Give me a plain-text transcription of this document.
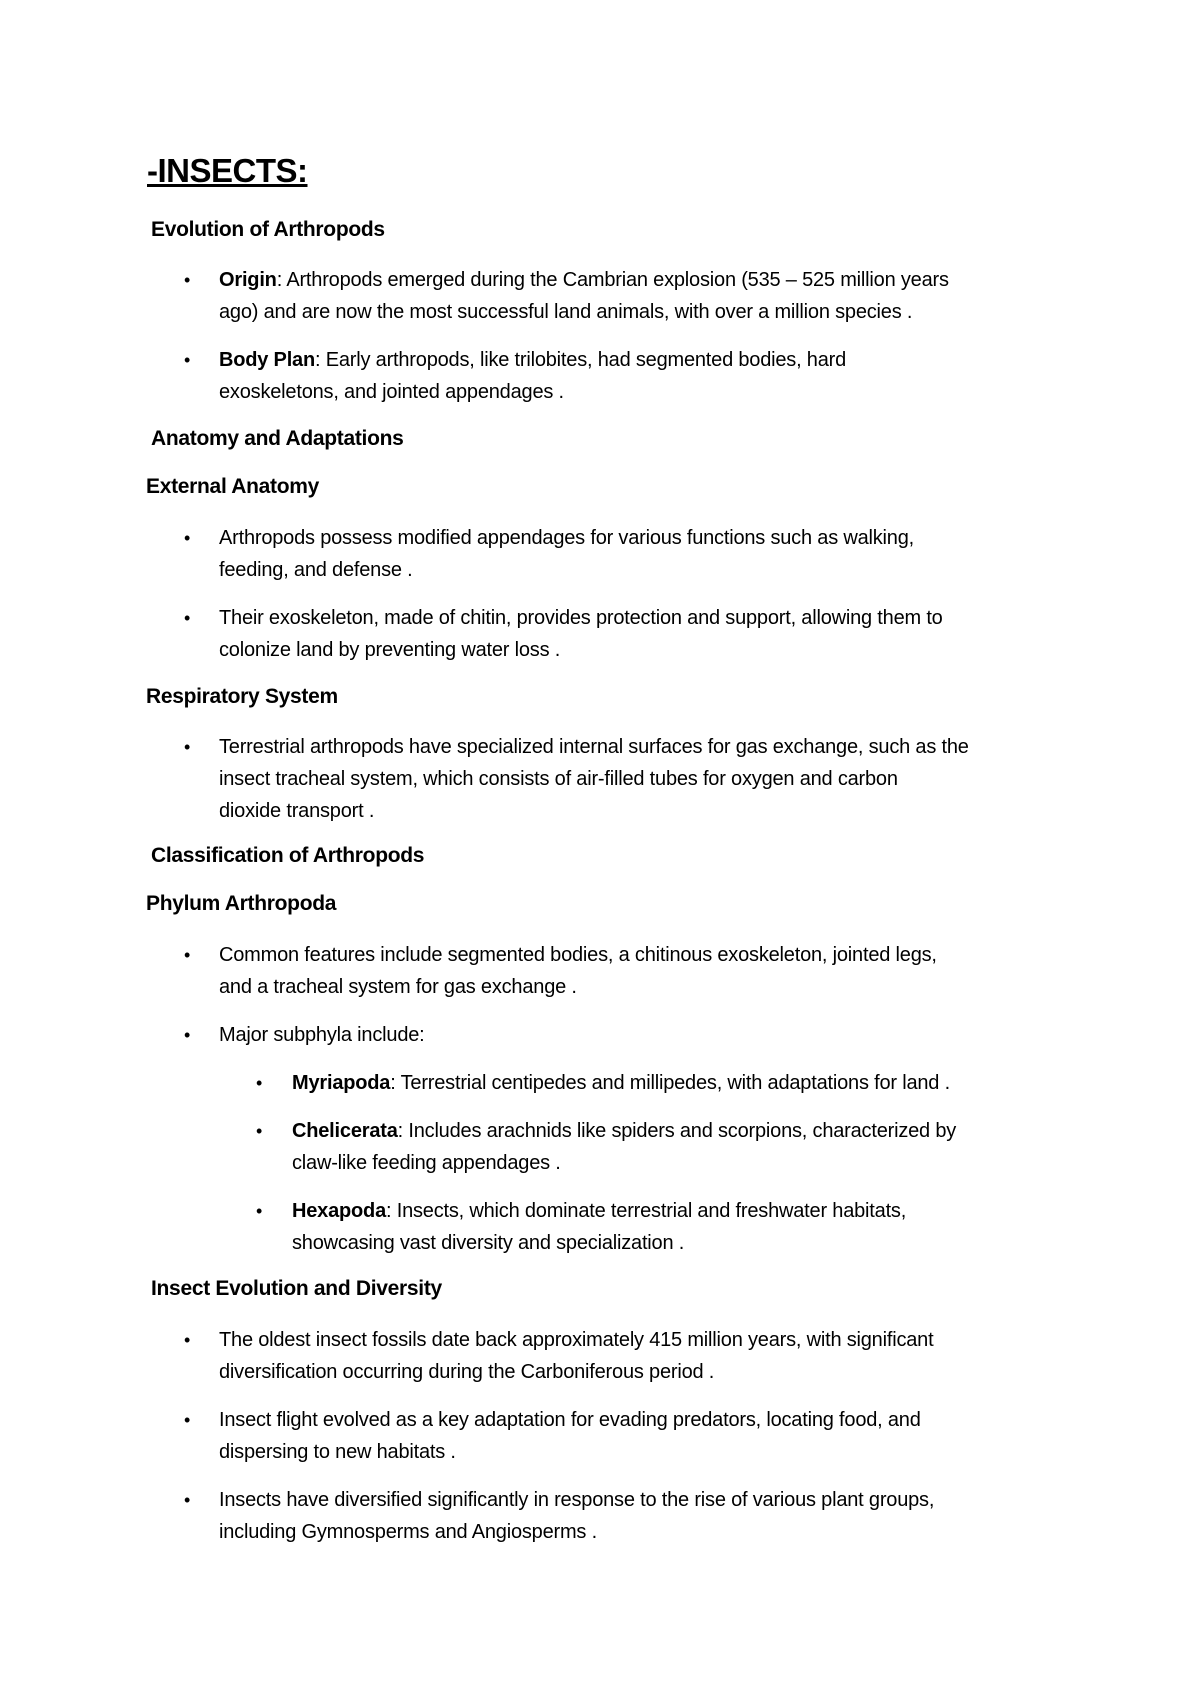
-INSECTS:
Evolution of Arthropods
• Origin: Arthropods emerged during the Cambrian explosion (535 – 525 million years

ago) and are now the most successful land animals, with over a million species .

• Body Plan: Early arthropods, like trilobites, had segmented bodies, hard

exoskeletons, and jointed appendages .

Anatomy and Adaptations
External Anatomy
• Arthropods possess modified appendages for various functions such as walking,

feeding, and defense .

• Their exoskeleton, made of chitin, provides protection and support, allowing them to

colonize land by preventing water loss .

Respiratory System
• Terrestrial arthropods have specialized internal surfaces for gas exchange, such as the

insect tracheal system, which consists of air-filled tubes for oxygen and carbon

dioxide transport .

Classification of Arthropods
Phylum Arthropoda
• Common features include segmented bodies, a chitinous exoskeleton, jointed legs,

and a tracheal system for gas exchange .

• Major subphyla include:

• Myriapoda: Terrestrial centipedes and millipedes, with adaptations for land .

• Chelicerata: Includes arachnids like spiders and scorpions, characterized by

claw-like feeding appendages .

• Hexapoda: Insects, which dominate terrestrial and freshwater habitats,

showcasing vast diversity and specialization .

Insect Evolution and Diversity
• The oldest insect fossils date back approximately 415 million years, with significant

diversification occurring during the Carboniferous period .

• Insect flight evolved as a key adaptation for evading predators, locating food, and

dispersing to new habitats .

• Insects have diversified significantly in response to the rise of various plant groups,

including Gymnosperms and Angiosperms .
